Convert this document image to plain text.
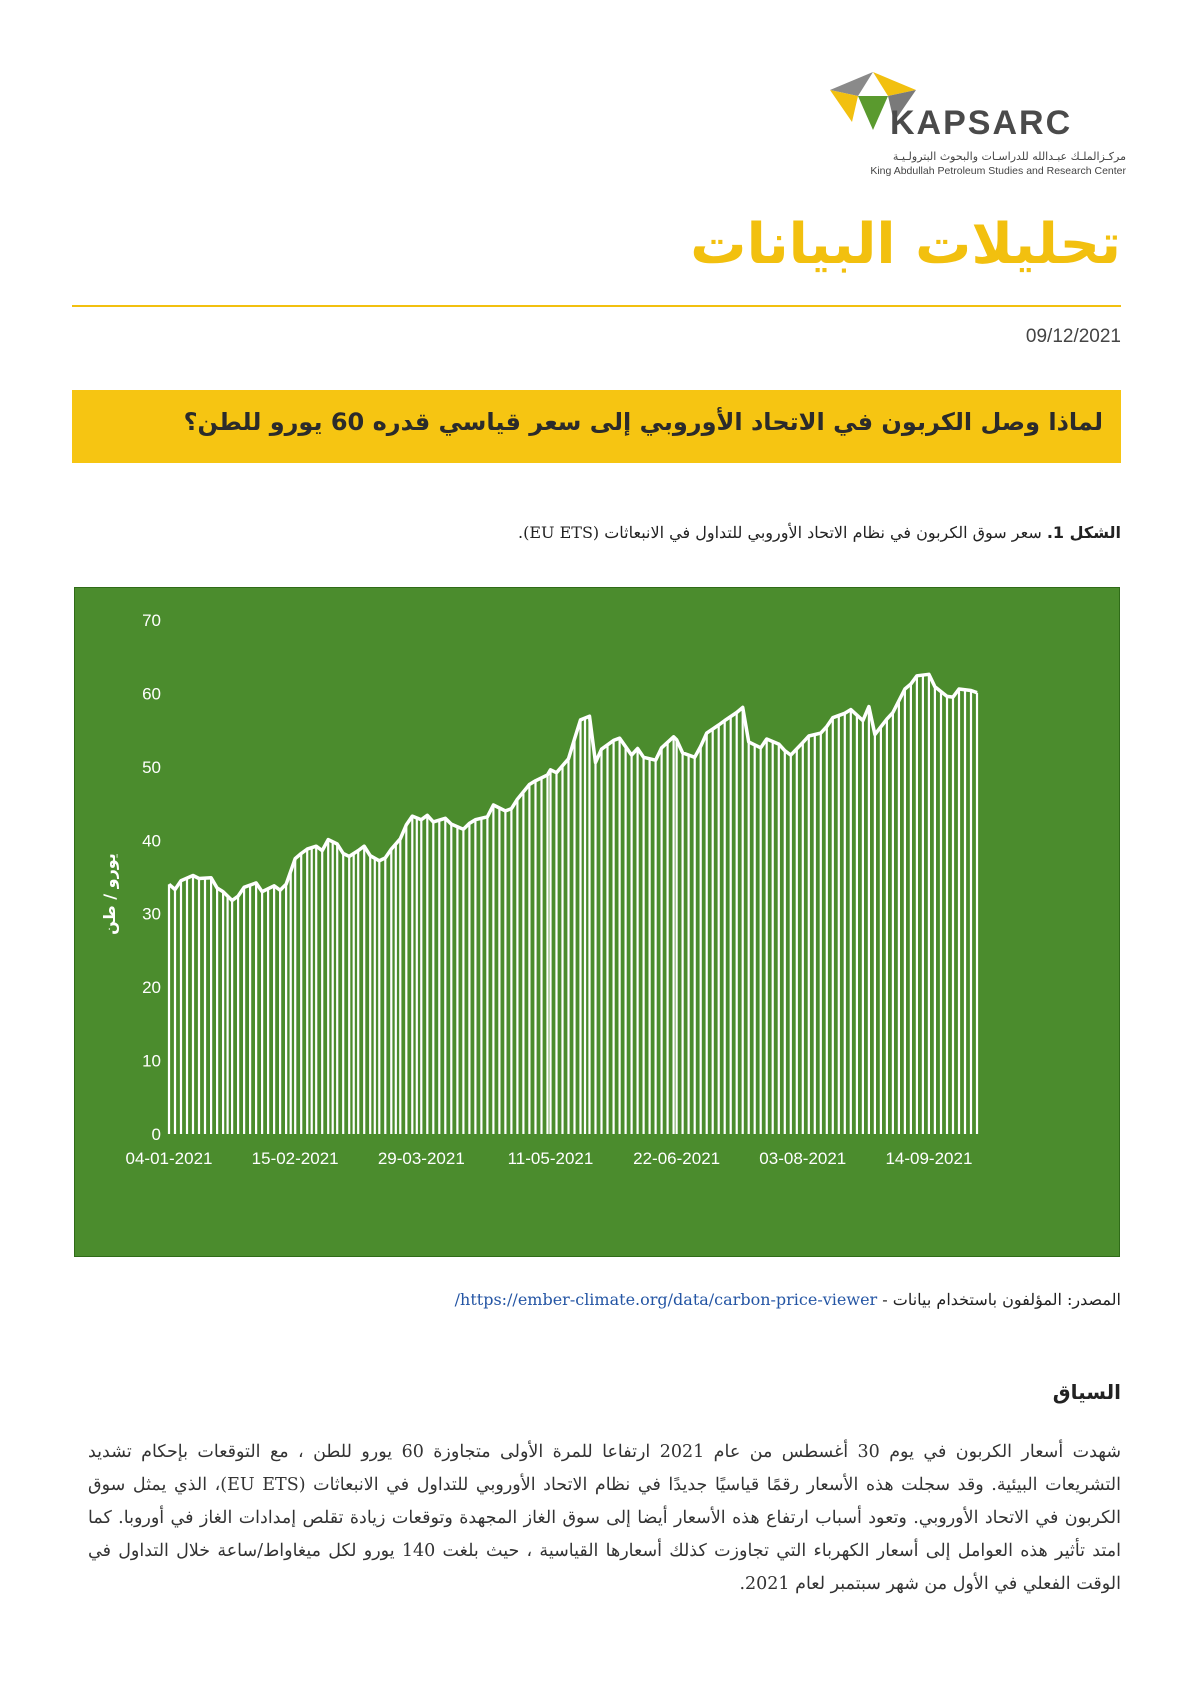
KAPSARC
مركـزالملـك عبـدالله للدراسـات والبحوث البترولـيـة
King Abdullah Petroleum Studies and Research Center
تحليلات البيانات
09/12/2021
لماذا وصل الكربون في الاتحاد الأوروبي إلى سعر قياسي قدره 60 يورو للطن؟
الشكل 1. سعر سوق الكربون في نظام الاتحاد الأوروبي للتداول في الانبعاثات (EU ETS).
0
10
20
30
40
50
60
70
04-01-2021 15-02-2021 29-03-2021	11-05-2021 22-06-2021 03-08-2021 14-09-2021
يورو / طن
المصدر: المؤلفون باستخدام بيانات - https://ember-climate.org/data/carbon-price-viewer/
السياق
شهدت أسعار الكربون في يوم 30 أغسطس من عام 2021 ارتفاعا للمرة الأولى متجاوزة 60 يورو للطن ، مع التوقعات بإحكام تشديد التشريعات البيئية. وقد سجلت هذه الأسعار رقمًا قياسيًا جديدًا في نظام الاتحاد الأوروبي للتداول في الانبعاثات (EU ETS)، الذي يمثل سوق الكربون في الاتحاد الأوروبي. وتعود أسباب ارتفاع هذه الأسعار أيضا إلى سوق الغاز المجهدة وتوقعات زيادة تقلص إمدادات الغاز في أوروبا. كما امتد تأثير هذه العوامل إلى أسعار الكهرباء التي تجاوزت كذلك أسعارها القياسية ، حيث بلغت 140 يورو لكل ميغاواط/ساعة خلال التداول في الوقت الفعلي في الأول من شهر سبتمبر لعام 2021.
